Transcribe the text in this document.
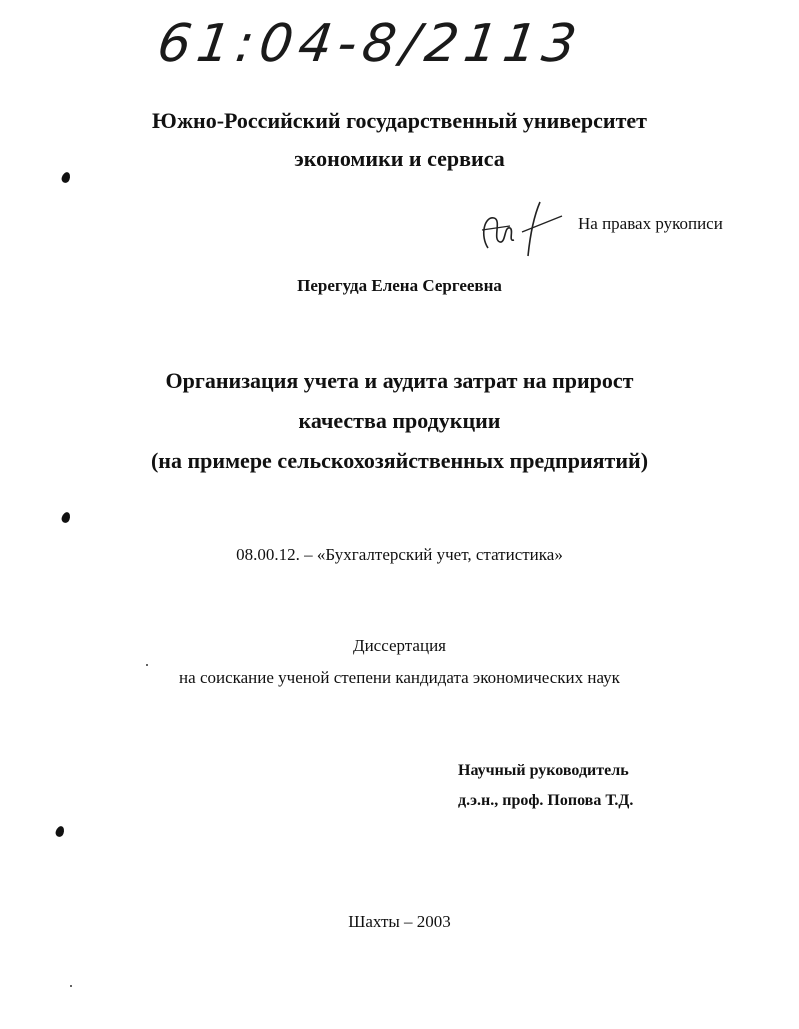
61:04-8/2113
Южно-Российский государственный университет
экономики и сервиса
На правах рукописи
Перегуда Елена Сергеевна
Организация учета и аудита затрат на прирост
качества продукции
(на примере сельскохозяйственных предприятий)
08.00.12. – «Бухгалтерский учет, статистика»
Диссертация
на соискание ученой степени кандидата экономических наук
Научный руководитель
д.э.н., проф. Попова Т.Д.
Шахты – 2003
